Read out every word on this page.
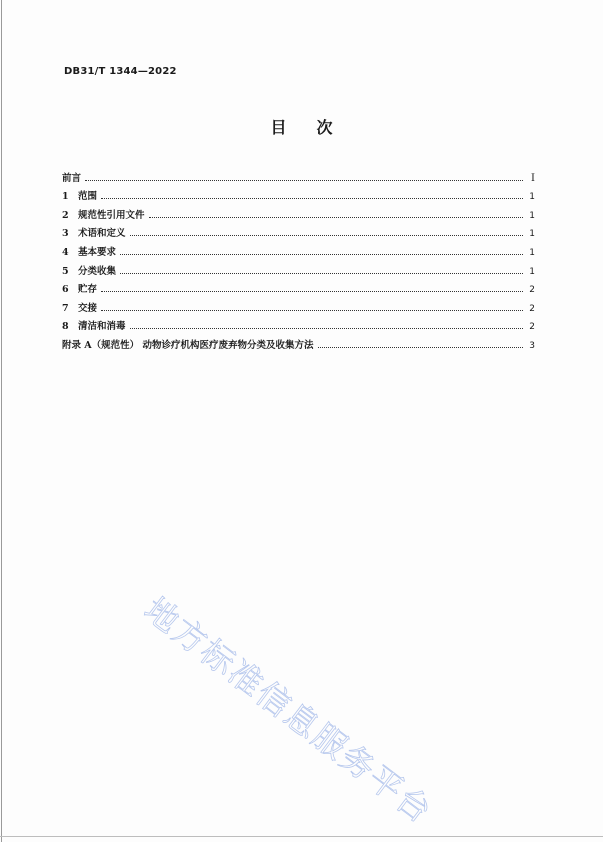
DB31/T 1344—2022
目 次
前言	I
1 范围	1
2 规范性引用文件	1
3 术语和定义	1
4 基本要求	1
5 分类收集	1
6 贮存	2
7 交接	2
8 清洁和消毒	2
附录 A（规范性） 动物诊疗机构医疗废弃物分类及收集方法	3
地方标准信息服务平台
